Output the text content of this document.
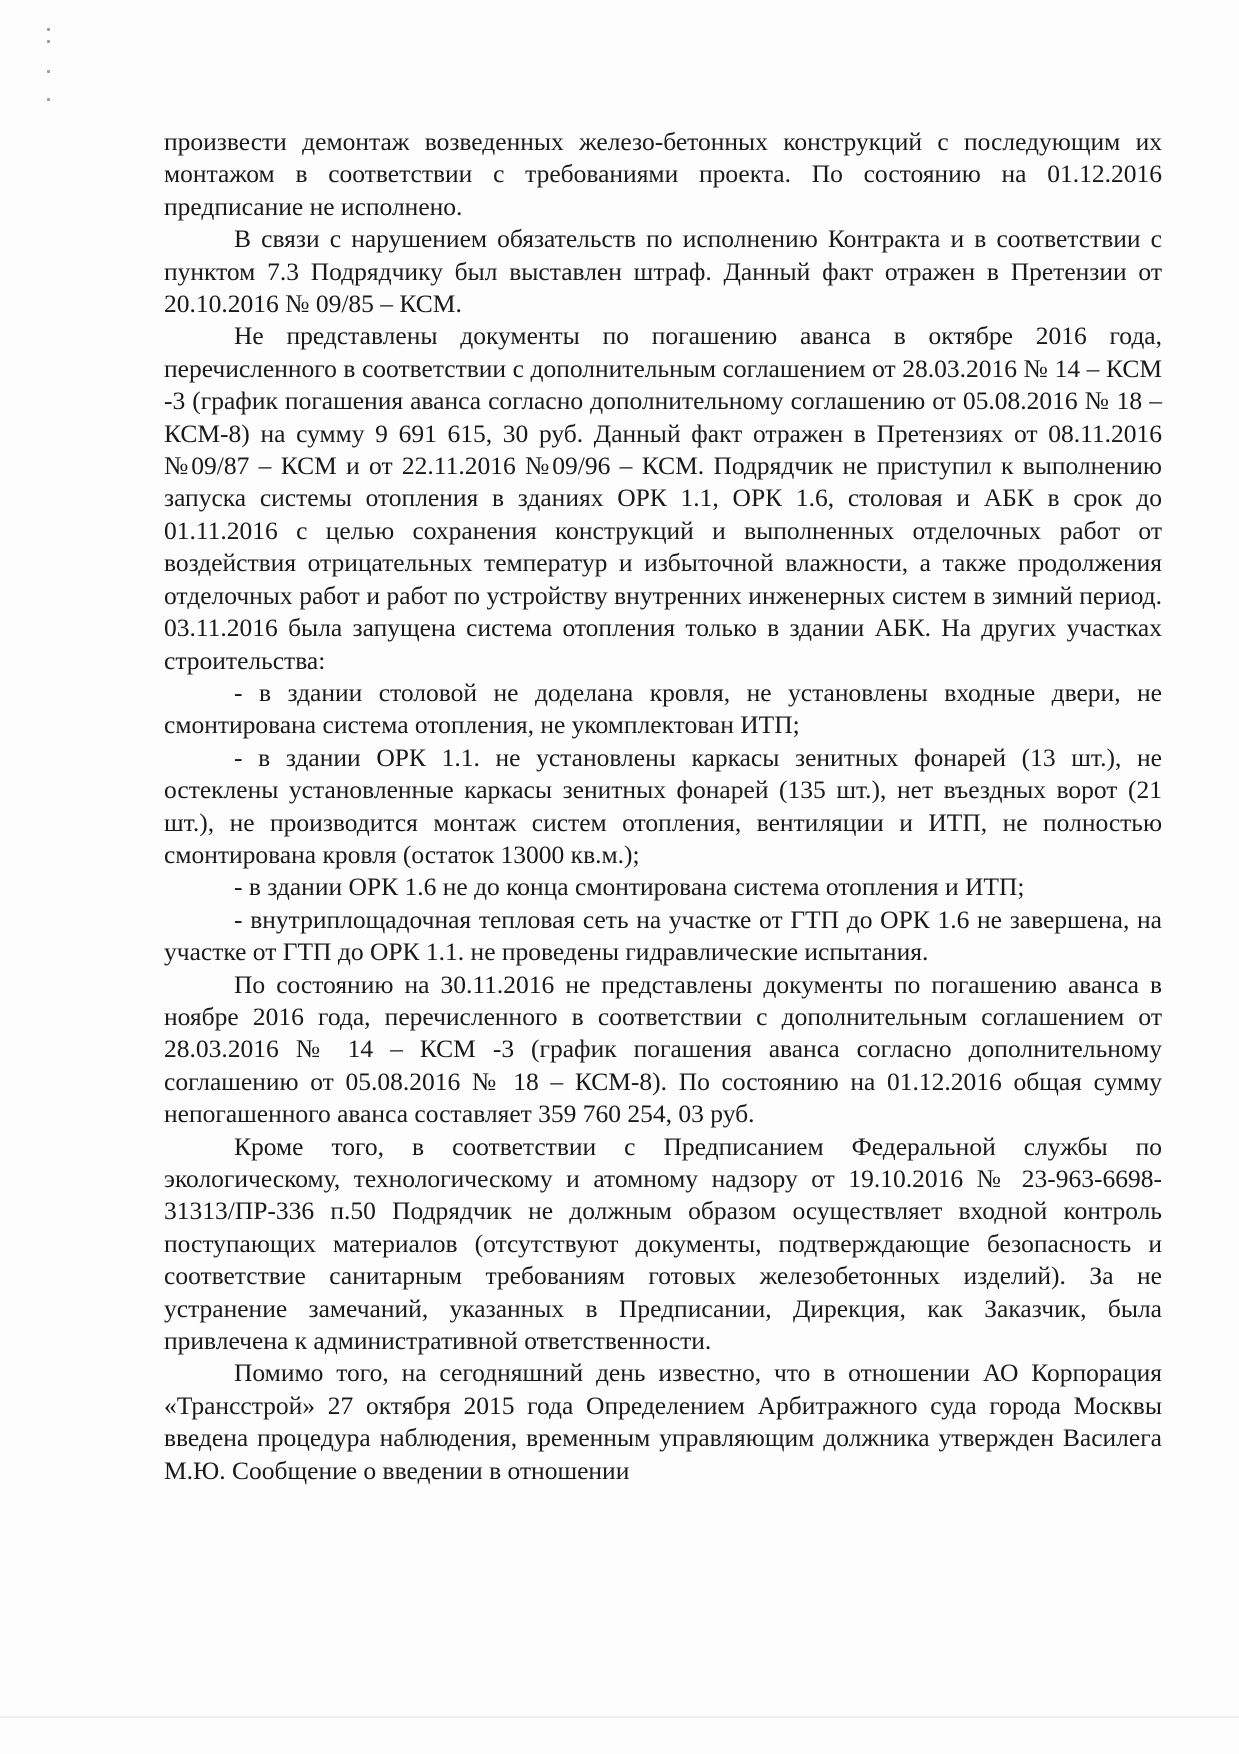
произвести демонтаж возведенных железо-бетонных конструкций с последующим их монтажом в соответствии с требованиями проекта. По состоянию на 01.12.2016 предписание не исполнено.

В связи с нарушением обязательств по исполнению Контракта и в соответствии с пунктом 7.3 Подрядчику был выставлен штраф. Данный факт отражен в Претензии от 20.10.2016 № 09/85 – КСМ.

Не представлены документы по погашению аванса в октябре 2016 года, перечисленного в соответствии с дополнительным соглашением от 28.03.2016 № 14 – КСМ -3 (график погашения аванса согласно дополнительному соглашению от 05.08.2016 № 18 – КСМ-8) на сумму 9 691 615, 30 руб. Данный факт отражен в Претензиях от 08.11.2016 №09/87 – КСМ и от 22.11.2016 №09/96 – КСМ. Подрядчик не приступил к выполнению запуска системы отопления в зданиях ОРК 1.1, ОРК 1.6, столовая и АБК в срок до 01.11.2016 с целью сохранения конструкций и выполненных отделочных работ от воздействия отрицательных температур и избыточной влажности, а также продолжения отделочных работ и работ по устройству внутренних инженерных систем в зимний период. 03.11.2016 была запущена система отопления только в здании АБК. На других участках строительства:

- в здании столовой не доделана кровля, не установлены входные двери, не смонтирована система отопления, не укомплектован ИТП;

- в здании ОРК 1.1. не установлены каркасы зенитных фонарей (13 шт.), не остеклены установленные каркасы зенитных фонарей (135 шт.), нет въездных ворот (21 шт.), не производится монтаж систем отопления, вентиляции и ИТП, не полностью смонтирована кровля (остаток 13000 кв.м.);

- в здании ОРК 1.6 не до конца смонтирована система отопления и ИТП;

- внутриплощадочная тепловая сеть на участке от ГТП до ОРК 1.6 не завершена, на участке от ГТП до ОРК 1.1. не проведены гидравлические испытания.

По состоянию на 30.11.2016 не представлены документы по погашению аванса в ноябре 2016 года, перечисленного в соответствии с дополнительным соглашением от 28.03.2016 № 14 – КСМ -3 (график погашения аванса согласно дополнительному соглашению от 05.08.2016 № 18 – КСМ-8). По состоянию на 01.12.2016 общая сумму непогашенного аванса составляет 359 760 254, 03 руб.

Кроме того, в соответствии с Предписанием Федеральной службы по экологическому, технологическому и атомному надзору от 19.10.2016 № 23-963-6698-31313/ПР-336 п.50 Подрядчик не должным образом осуществляет входной контроль поступающих материалов (отсутствуют документы, подтверждающие безопасность и соответствие санитарным требованиям готовых железобетонных изделий). За не устранение замечаний, указанных в Предписании, Дирекция, как Заказчик, была привлечена к административной ответственности.

Помимо того, на сегодняшний день известно, что в отношении АО Корпорация «Трансстрой» 27 октября 2015 года Определением Арбитражного суда города Москвы введена процедура наблюдения, временным управляющим должника утвержден Василега М.Ю. Сообщение о введении в отношении
